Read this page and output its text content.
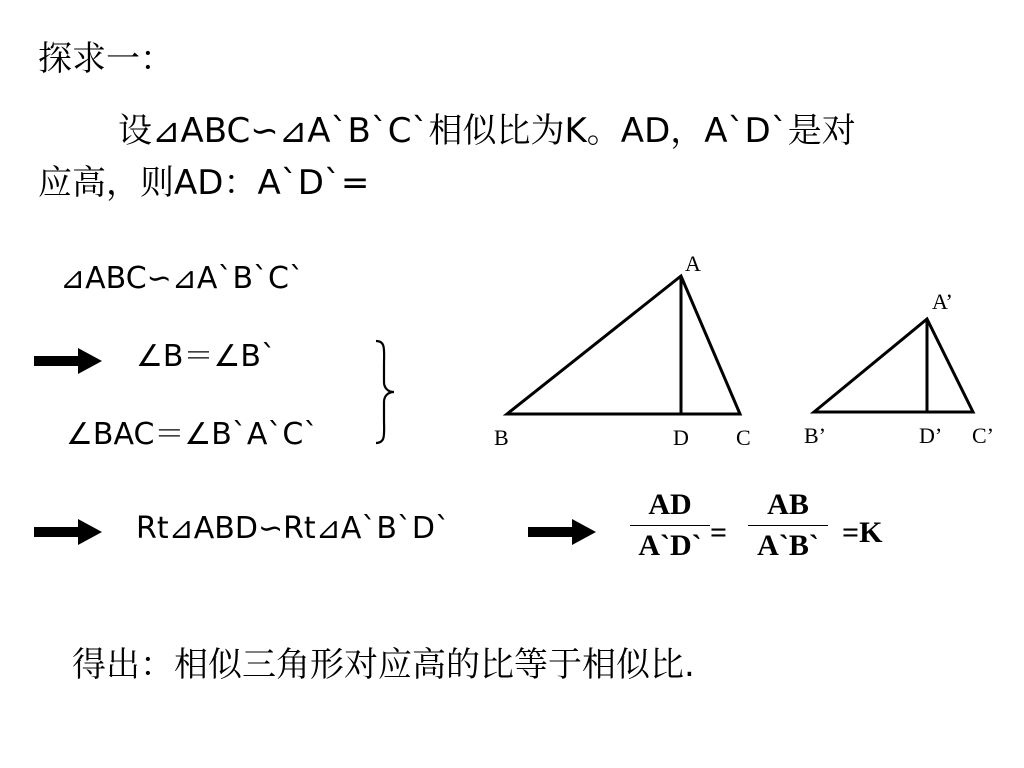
探求一：
设⊿ABC∽⊿A`B`C`相似比为K。AD，A`D`是对
应高，则AD：A`D`=
⊿ABC∽⊿A`B`C`
∠B＝∠B`
∠BAC＝∠B`A`C`
Rt⊿ABD∽Rt⊿A`B`D`
AD
A`D` =
AB
A`B` =K
A
B	D C
A’
B’	D’ C’
得出：相似三角形对应高的比等于相似比.
